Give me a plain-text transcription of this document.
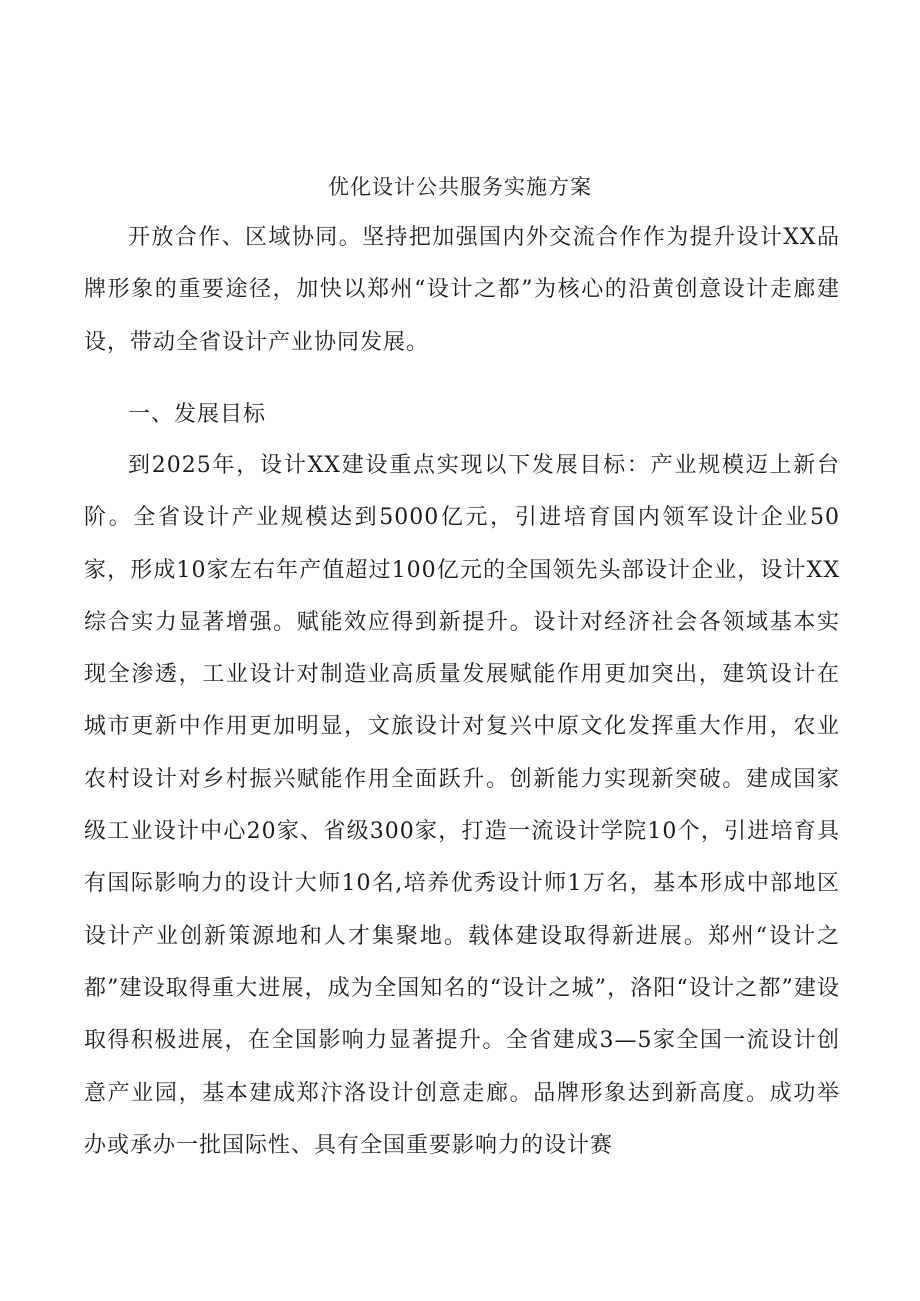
优化设计公共服务实施方案

开放合作、区域协同。坚持把加强国内外交流合作作为提升设计XX品牌形象的重要途径，加快以郑州“设计之都”为核心的沿黄创意设计走廊建设，带动全省设计产业协同发展。

一、发展目标

到2025年，设计XX建设重点实现以下发展目标：产业规模迈上新台阶。全省设计产业规模达到5000亿元，引进培育国内领军设计企业50家，形成10家左右年产值超过100亿元的全国领先头部设计企业，设计XX综合实力显著增强。赋能效应得到新提升。设计对经济社会各领域基本实现全渗透，工业设计对制造业高质量发展赋能作用更加突出，建筑设计在城市更新中作用更加明显，文旅设计对复兴中原文化发挥重大作用，农业农村设计对乡村振兴赋能作用全面跃升。创新能力实现新突破。建成国家级工业设计中心20家、省级300家，打造一流设计学院10个，引进培育具有国际影响力的设计大师10名,培养优秀设计师1万名，基本形成中部地区设计产业创新策源地和人才集聚地。载体建设取得新进展。郑州“设计之都”建设取得重大进展，成为全国知名的“设计之城”，洛阳“设计之都”建设取得积极进展，在全国影响力显著提升。全省建成3—5家全国一流设计创意产业园，基本建成郑汴洛设计创意走廊。品牌形象达到新高度。成功举办或承办一批国际性、具有全国重要影响力的设计赛
